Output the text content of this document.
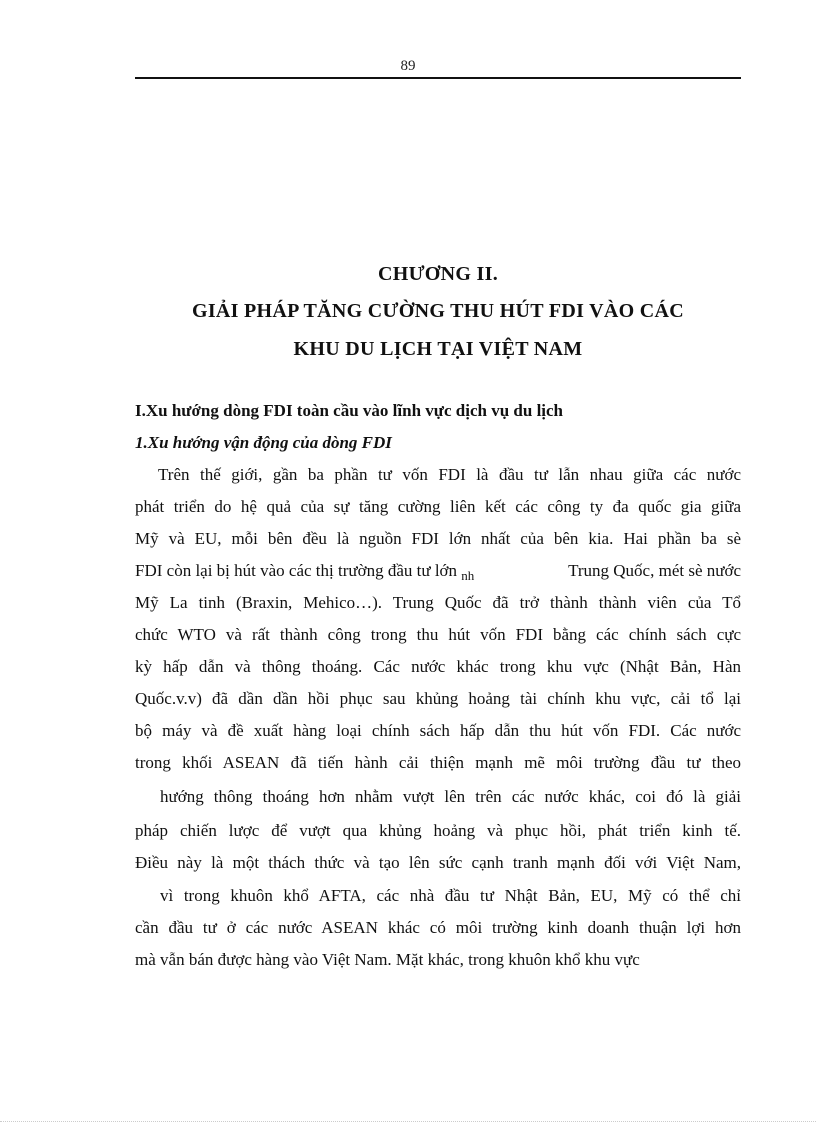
89
CHƯƠNG II.
GIẢI PHÁP TĂNG CƯỜNG THU HÚT FDI VÀO CÁC
KHU DU LỊCH TẠI VIỆT NAM
I.Xu hướng dòng FDI toàn cầu vào lĩnh vực dịch vụ du lịch
1.Xu hướng vận động của dòng FDI
Trên thế giới, gần ba phần tư vốn FDI là đầu tư lẫn nhau giữa các nước
phát triển do hệ quả của sự tăng cường liên kết các công ty đa quốc gia giữa
Mỹ và EU, mỗi bên đều là nguồn FDI lớn nhất của bên kia. Hai phần ba sè
FDI còn lại bị hút vào các thị trường đầu tư lớn $_{nh}$	Trung Quốc, mét sè nước
Mỹ La tinh (Braxin, Mehico…). Trung Quốc đã trở thành thành viên của Tổ
chức WTO và rất thành công trong thu hút vốn FDI bằng các chính sách cực
kỳ hấp dẫn và thông thoáng. Các nước khác trong khu vực (Nhật Bản, Hàn
Quốc.v.v) đã dần dần hồi phục sau khủng hoảng tài chính khu vực, cải tổ lại
bộ máy và đề xuất hàng loại chính sách hấp dẫn thu hút vốn FDI. Các nước
trong khối ASEAN đã tiến hành cải thiện mạnh mẽ môi trường đầu tư theo
hướng thông thoáng hơn nhằm vượt lên trên các nước khác, coi đó là giải
pháp chiến lược để vượt qua khủng hoảng và phục hồi, phát triển kinh tế.
Điều này là một thách thức và tạo lên sức cạnh tranh mạnh đối với Việt Nam,
vì trong khuôn khổ AFTA, các nhà đầu tư Nhật Bản, EU, Mỹ có thể chỉ
cần đầu tư ở các nước ASEAN khác có môi trường kinh doanh thuận lợi hơn
mà vẫn bán được hàng vào Việt Nam. Mặt khác, trong khuôn khổ khu vực
